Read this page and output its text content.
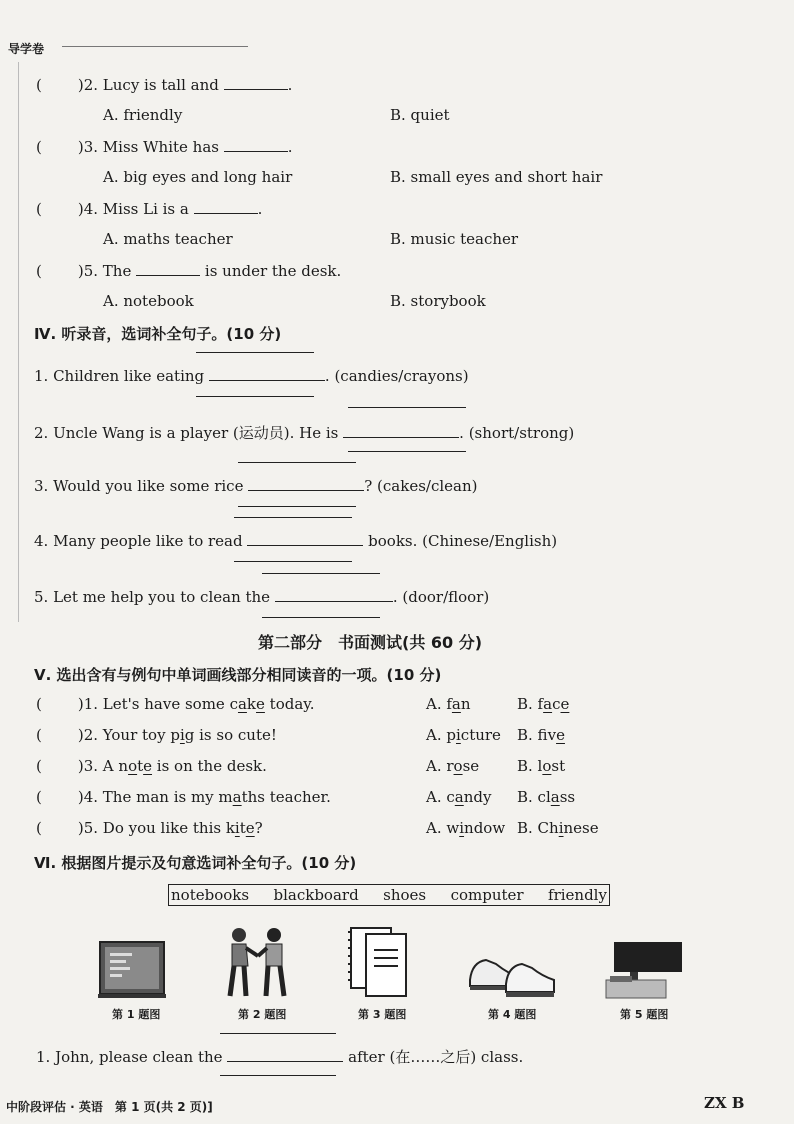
导学卷
( )2. Lucy is tall and	.
A. friendly	B. quiet
( )3. Miss White has	.
A. big eyes and long hair	B. small eyes and short hair
( )4. Miss Li is a	.
A. maths teacher	B. music teacher
( )5. The	is under the desk.
A. notebook	B. storybook
Ⅳ. 听录音，选词补全句子。(10 分)
1. Children like eating	. (candies/crayons)
2. Uncle Wang is a player (运动员). He is	. (short/strong)
3. Would you like some rice	? (cakes/clean)
4. Many people like to read	books. (Chinese/English)
5. Let me help you to clean the	. (door/floor)
第二部分　书面测试(共 60 分)
Ⅴ. 选出含有与例句中单词画线部分相同读音的一项。(10 分)
( )1. Let's have some cake today.	A. fan	B. face
( )2. Your toy pig is so cute!	A. picture B. fve
( )3. A note is on the desk.	A. rose	B. lost
( )4. The man is my maths teacher.	A. candy B. class
( )5. Do you like this kite?	A. window B. Chinese
Ⅵ. 根据图片提示及句意选词补全句子。(10 分)
notebooks blackboard shoes computer friendly
第 1 题图	第 2 题图	第 3 题图	第 4 题图	第 5 题图
1. John, please clean the	after (在……之后) class.
中阶段评估 · 英语　第 1 页(共 2 页)]	ZX B
